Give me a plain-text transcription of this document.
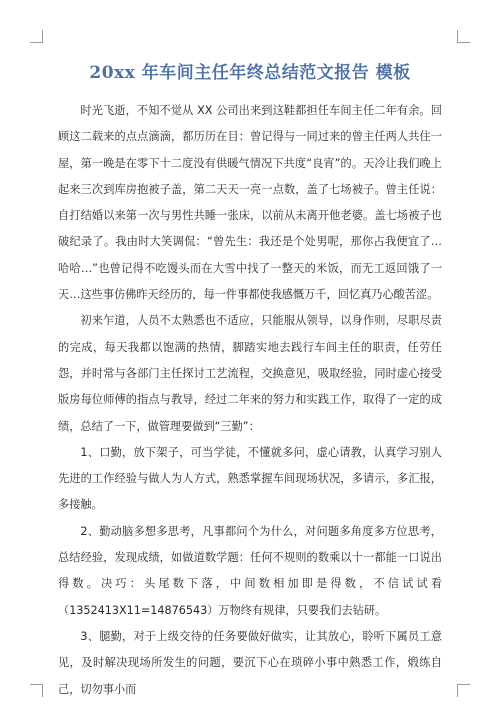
20xx 年车间主任年终总结范文报告 模板

时光飞逝，不知不觉从 XX 公司出来到这鞋都担任车间主任二年有余。回顾这二载来的点点滴滴，都历历在目：曾记得与一同过来的曾主任两人共住一屋，第一晚是在零下十二度没有供暖气情况下共度“良宵”的。天冷让我们晚上起来三次到库房抱被子盖，第二天天一亮一点数，盖了七场被子。曾主任说：自打结婚以来第一次与男性共睡一张床，以前从未离开他老婆。盖七场被子也破纪录了。我由时大笑调侃：“曾先生：我还是个处男呢，那你占我便宜了…哈哈…”也曾记得不吃馒头而在大雪中找了一整天的米饭，而无工返回饿了一天…这些事仿佛昨天经历的，每一件事都使我感慨万千，回忆真乃心酸苦涩。

初来乍道，人员不太熟悉也不适应，只能服从领导，以身作则，尽职尽责的完成，每天我都以饱满的热情，脚踏实地去践行车间主任的职责，任劳任怨，并时常与各部门主任探讨工艺流程，交换意见，吸取经验，同时虚心接受版房每位师傅的指点与教导，经过二年来的努力和实践工作，取得了一定的成绩，总结了一下，做管理要做到“三勤”：

1、口勤，放下架子，可当学徒，不懂就多问，虚心请教，认真学习别人先进的工作经验与做人为人方式，熟悉掌握车间现场状况，多请示，多汇报，多接触。

2、勤动脑多想多思考，凡事都问个为什么，对问题多角度多方位思考，总结经验，发现成绩，如做道数学题：任何不规则的数乘以十一都能一口说出得数。决巧：头尾数下落，中间数相加即是得数，不信试试看（1352413X11=14876543）万物终有规律，只要我们去钻研。

3、腿勤，对于上级交待的任务要做好做实，让其放心，聆听下属员工意见，及时解决现场所发生的问题，要沉下心在琐碎小事中熟悉工作，煅练自己，切勿事小而
